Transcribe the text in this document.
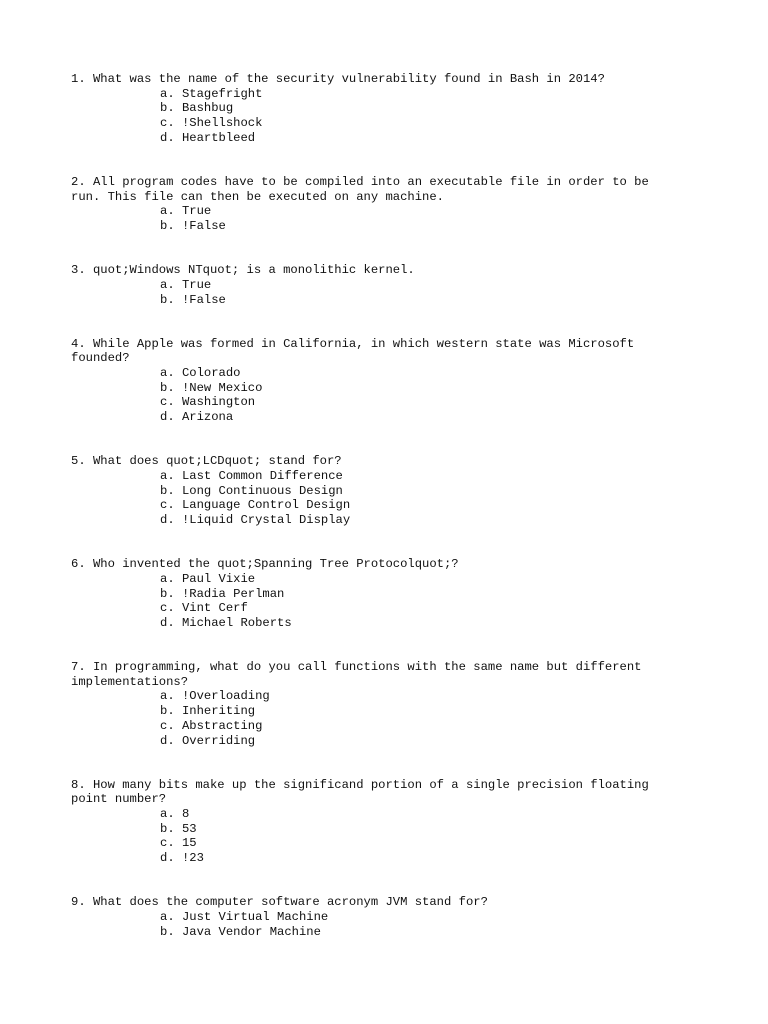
1. What was the name of the security vulnerability found in Bash in 2014?
a. Stagefright
b. Bashbug
c. !Shellshock
d. Heartbleed
2. All program codes have to be compiled into an executable file in order to be run. This file can then be executed on any machine.
a. True
b. !False
3. quot;Windows NTquot; is a monolithic kernel.
a. True
b. !False
4. While Apple was formed in California, in which western state was Microsoft founded?
a. Colorado
b. !New Mexico
c. Washington
d. Arizona
5. What does quot;LCDquot; stand for?
a. Last Common Difference
b. Long Continuous Design
c. Language Control Design
d. !Liquid Crystal Display
6. Who invented the quot;Spanning Tree Protocolquot;?
a. Paul Vixie
b. !Radia Perlman
c. Vint Cerf
d. Michael Roberts
7. In programming, what do you call functions with the same name but different implementations?
a. !Overloading
b. Inheriting
c. Abstracting
d. Overriding
8. How many bits make up the significand portion of a single precision floating point number?
a. 8
b. 53
c. 15
d. !23
9. What does the computer software acronym JVM stand for?
a. Just Virtual Machine
b. Java Vendor Machine
